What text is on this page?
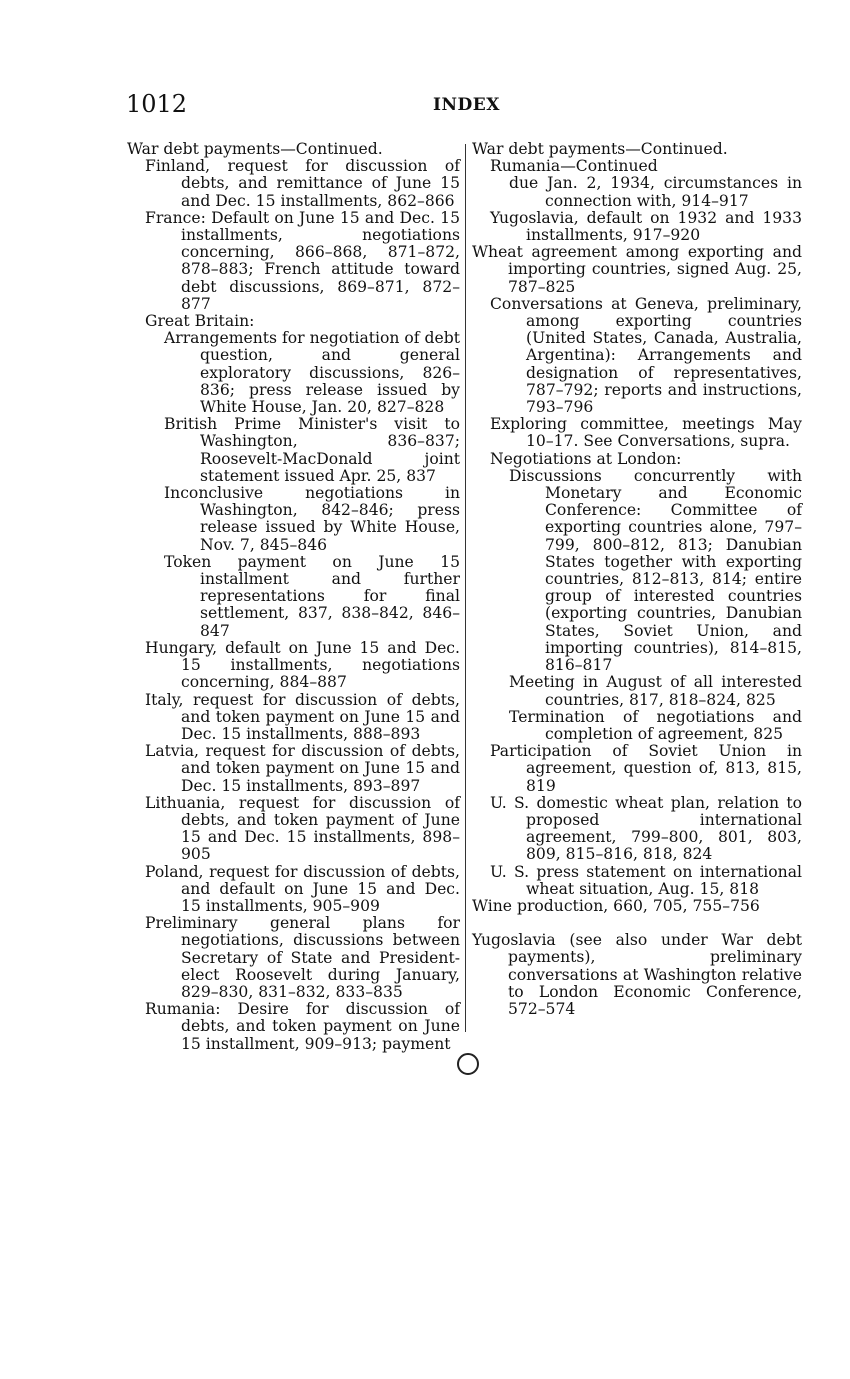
1012	INDEX
War debt payments—Continued.
Finland, request for discussion of debts, and remittance of June 15 and Dec. 15 installments, 862–866
France: Default on June 15 and Dec. 15 installments, negotiations concerning, 866–868, 871–872, 878–883; French attitude toward debt discussions, 869–871, 872–877
Great Britain:
Arrangements for negotiation of debt question, and general exploratory discussions, 826–836; press release issued by White House, Jan. 20, 827–828
British Prime Minister's visit to Washington, 836–837; Roosevelt-MacDonald joint statement issued Apr. 25, 837
Inconclusive negotiations in Washington, 842–846; press release issued by White House, Nov. 7, 845–846
Token payment on June 15 installment and further representations for final settlement, 837, 838–842, 846–847
Hungary, default on June 15 and Dec. 15 installments, negotiations concerning, 884–887
Italy, request for discussion of debts, and token payment on June 15 and Dec. 15 installments, 888–893
Latvia, request for discussion of debts, and token payment on June 15 and Dec. 15 installments, 893–897
Lithuania, request for discussion of debts, and token payment of June 15 and Dec. 15 installments, 898–905
Poland, request for discussion of debts, and default on June 15 and Dec. 15 installments, 905–909
Preliminary general plans for negotiations, discussions between Secretary of State and President-elect Roosevelt during January, 829–830, 831–832, 833–835
Rumania: Desire for discussion of debts, and token payment on June 15 installment, 909–913; payment
War debt payments—Continued.
Rumania—Continued
due Jan. 2, 1934, circumstances in connection with, 914–917
Yugoslavia, default on 1932 and 1933 installments, 917–920
Wheat agreement among exporting and importing countries, signed Aug. 25, 787–825
Conversations at Geneva, preliminary, among exporting countries (United States, Canada, Australia, Argentina): Arrangements and designation of representatives, 787–792; reports and instructions, 793–796
Exploring committee, meetings May 10–17. See Conversations, supra.
Negotiations at London:
Discussions concurrently with Monetary and Economic Conference: Committee of exporting countries alone, 797–799, 800–812, 813; Danubian States together with exporting countries, 812–813, 814; entire group of interested countries (exporting countries, Danubian States, Soviet Union, and importing countries), 814–815, 816–817
Meeting in August of all interested countries, 817, 818–824, 825
Termination of negotiations and completion of agreement, 825
Participation of Soviet Union in agreement, question of, 813, 815, 819
U. S. domestic wheat plan, relation to proposed international agreement, 799–800, 801, 803, 809, 815–816, 818, 824
U. S. press statement on international wheat situation, Aug. 15, 818
Wine production, 660, 705, 755–756
Yugoslavia (see also under War debt payments), preliminary conversations at Washington relative to London Economic Conference, 572–574
